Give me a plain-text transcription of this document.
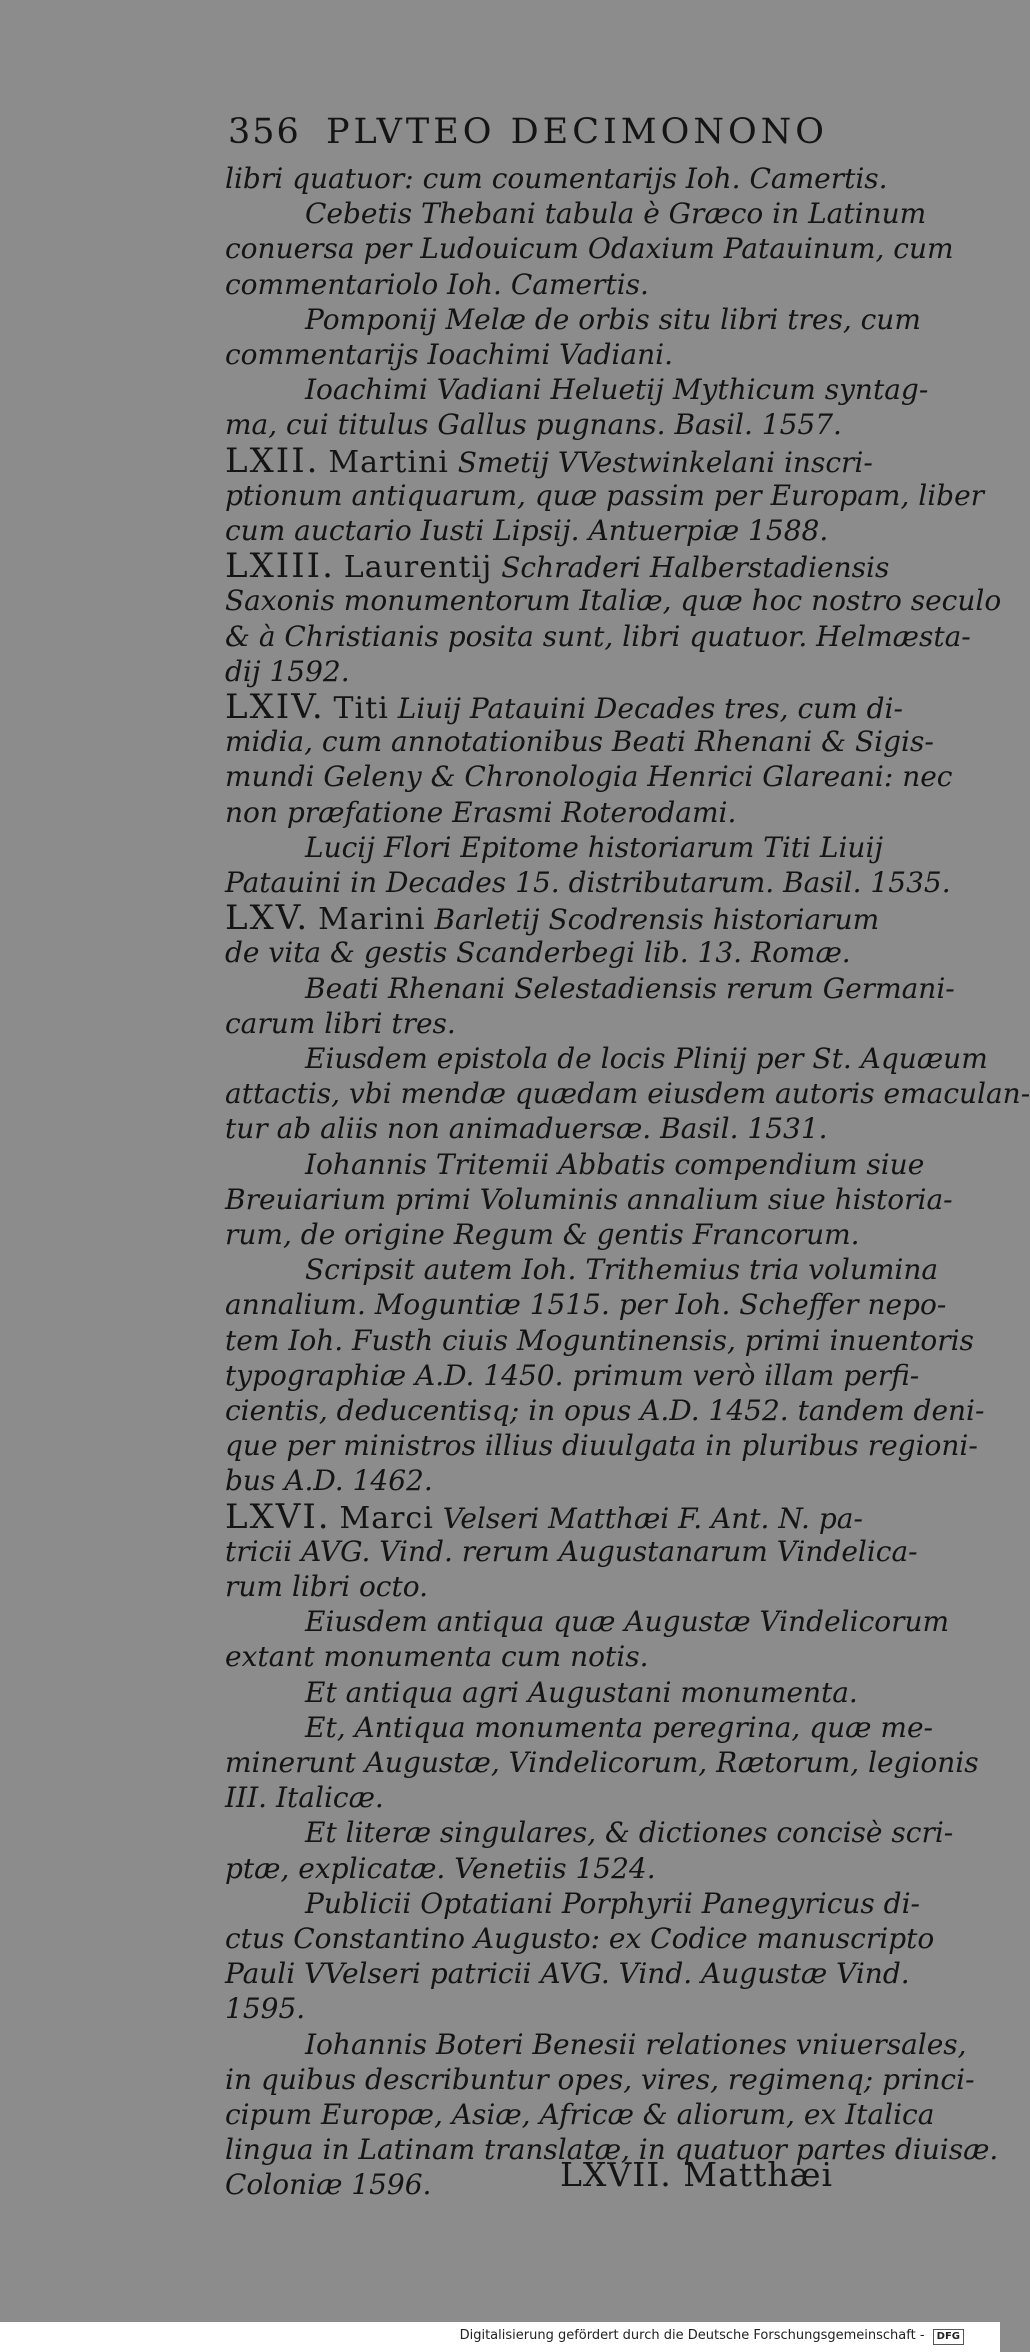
356 PLVTEO DECIMONONO
libri quatuor: cum coumentarijs Ioh. Camertis.
Cebetis Thebani tabula è Græco in Latinum
conuersa per Ludouicum Odaxium Patauinum, cum
commentariolo Ioh. Camertis.
Pomponij Melæ de orbis situ libri tres, cum
commentarijs Ioachimi Vadiani.
Ioachimi Vadiani Heluetij Mythicum syntag-
ma, cui titulus Gallus pugnans. Basil. 1557.
LXII. Martini Smetij VVestwinkelani inscri-
ptionum antiquarum, quæ passim per Europam, liber
cum auctario Iusti Lipsij. Antuerpiæ 1588.
LXIII. Laurentij Schraderi Halberstadiensis
Saxonis monumentorum Italiæ, quæ hoc nostro seculo
& à Christianis posita sunt, libri quatuor. Helmæsta-
dij 1592.
LXIV. Titi Liuij Patauini Decades tres, cum di-
midia, cum annotationibus Beati Rhenani & Sigis-
mundi Geleny & Chronologia Henrici Glareani: nec
non præfatione Erasmi Roterodami.
Lucij Flori Epitome historiarum Titi Liuij
Patauini in Decades 15. distributarum. Basil. 1535.
LXV. Marini Barletij Scodrensis historiarum
de vita & gestis Scanderbegi lib. 13. Romæ.
Beati Rhenani Selestadiensis rerum Germani-
carum libri tres.
Eiusdem epistola de locis Plinij per St. Aquæum
attactis, vbi mendæ quædam eiusdem autoris emaculan-
tur ab aliis non animaduersæ. Basil. 1531.
Iohannis Tritemii Abbatis compendium siue
Breuiarium primi Voluminis annalium siue historia-
rum, de origine Regum & gentis Francorum.
Scripsit autem Ioh. Trithemius tria volumina
annalium. Moguntiæ 1515. per Ioh. Scheffer nepo-
tem Ioh. Fusth ciuis Moguntinensis, primi inuentoris
typographiæ A.D. 1450. primum verò illam perfi-
cientis, deducentisq; in opus A.D. 1452. tandem deni-
que per ministros illius diuulgata in pluribus regioni-
bus A.D. 1462.
LXVI. Marci Velseri Matthæi F. Ant. N. pa-
tricii AVG. Vind. rerum Augustanarum Vindelica-
rum libri octo.
Eiusdem antiqua quæ Augustæ Vindelicorum
extant monumenta cum notis.
Et antiqua agri Augustani monumenta.
Et, Antiqua monumenta peregrina, quæ me-
minerunt Augustæ, Vindelicorum, Rætorum, legionis
III. Italicæ.
Et literæ singulares, & dictiones concisè scri-
ptæ, explicatæ. Venetiis 1524.
Publicii Optatiani Porphyrii Panegyricus di-
ctus Constantino Augusto: ex Codice manuscripto
Pauli VVelseri patricii AVG. Vind. Augustæ Vind.
1595.
Iohannis Boteri Benesii relationes vniuersales,
in quibus describuntur opes, vires, regimenq; princi-
cipum Europæ, Asiæ, Africæ & aliorum, ex Italica
lingua in Latinam translatæ, in quatuor partes diuisæ.
Coloniæ 1596.	LXVII. Matthæi
Digitalisierung gefördert durch die Deutsche Forschungsgemeinschaft - DFG
